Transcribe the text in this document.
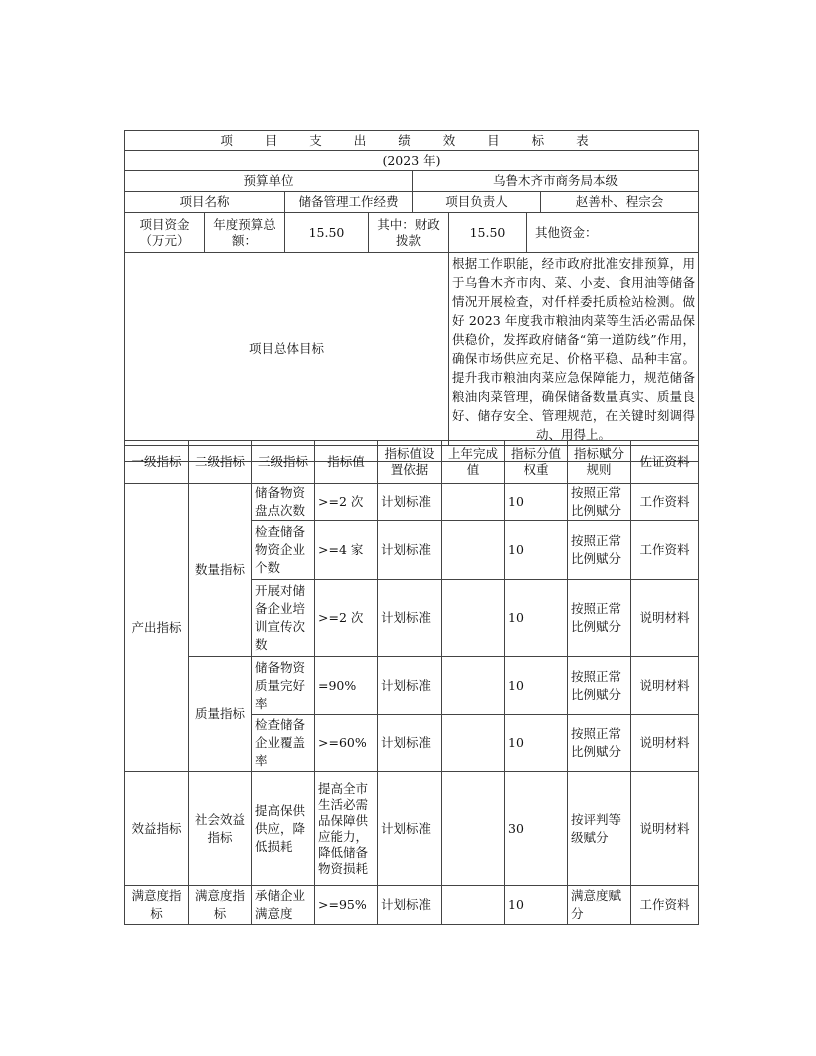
项 目 支 出 绩 效 目 标 表			
(2023 年)			
预算单位		乌鲁木齐市商务局本级	
项目名称	储备管理工作经费	项目负责人	赵善朴、程宗会
项目资金（万元）	年度预算总额：	15.50	其中：财政拨款	15.50	其他资金：
项目总体目标				根据工作职能，经市政府批准安排预算，用于乌鲁木齐市肉、菜、小麦、食用油等储备情况开展检查，对仟样委托质检站检测。做好 2023 年度我市粮油肉菜等生活必需品保供稳价，发挥政府储备“第一道防线”作用，确保市场供应充足、价格平稳、品种丰富。提升我市粮油肉菜应急保障能力，规范储备粮油肉菜管理，确保储备数量真实、质量良好、储存安全、管理规范，在关键时刻调得动、用得上。	

一级指标	二级指标	三级指标	指标值	指标值设置依据	上年完成值	指标分值权重	指标赋分规则	佐证资料
产出指标	数量指标	储备物资盘点次数	>=2 次	计划标准		10	按照正常比例赋分	工作资料
		检查储备物资企业个数	>=4 家	计划标准		10	按照正常比例赋分	工作资料
		开展对储备企业培训宣传次数	>=2 次	计划标准		10	按照正常比例赋分	说明材料
	质量指标	储备物资质量完好率	=90%	计划标准		10	按照正常比例赋分	说明材料
		检查储备企业覆盖率	>=60%	计划标准		10	按照正常比例赋分	说明材料
效益指标	社会效益指标	提高保供供应，降低损耗	提高全市生活必需品保障供应能力，降低储备物资损耗	计划标准		30	按评判等级赋分	说明材料
满意度指标	满意度指标	承储企业满意度	>=95%	计划标准		10	满意度赋分	工作资料
